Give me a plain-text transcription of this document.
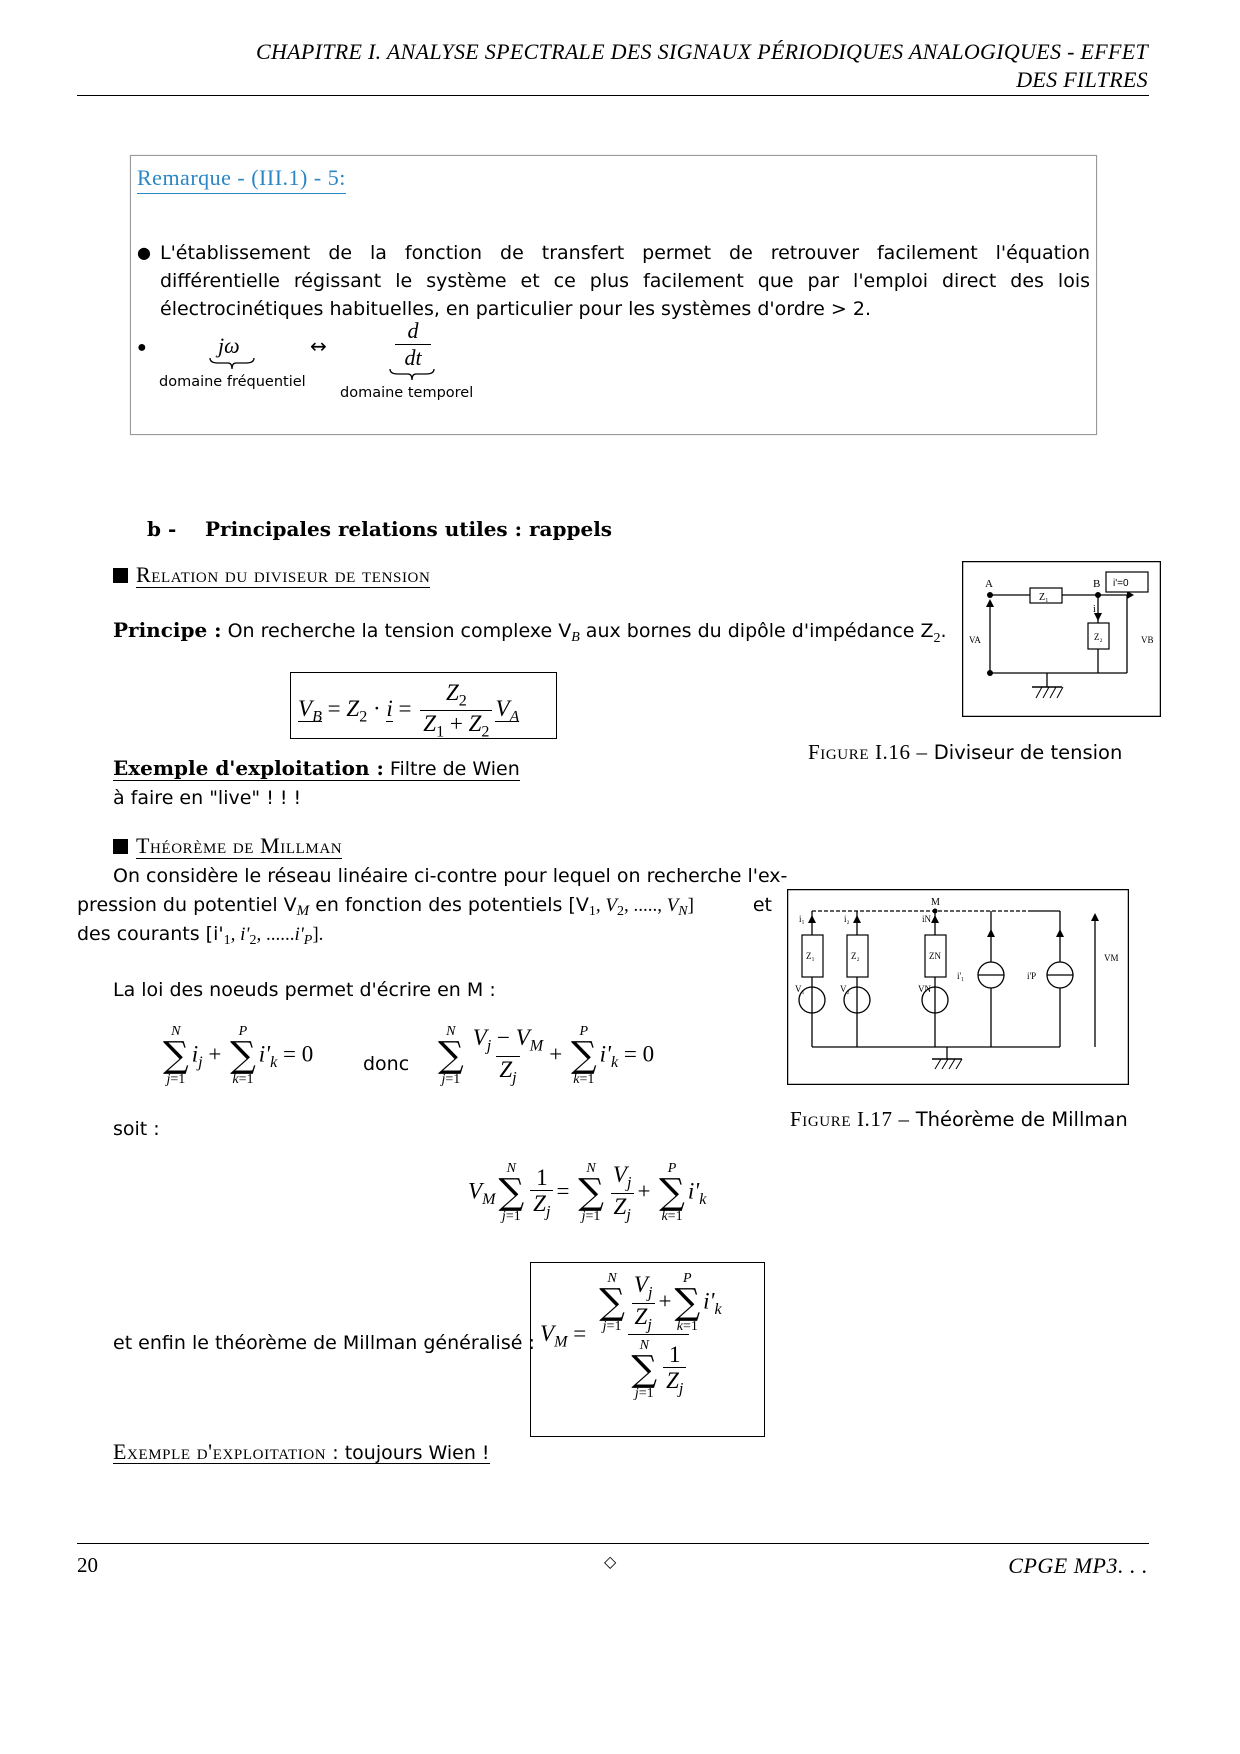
CHAPITRE I. ANALYSE SPECTRALE DES SIGNAUX PÉRIODIQUES ANALOGIQUES - EFFET
DES FILTRES
Remarque - (III.1) - 5:
● L'établissement de la fonction de transfert permet de retrouver facilement l'équation différentielle régissant le système et ce plus facilement que par l'emploi direct des lois électrocinétiques habituelles, en particulier pour les systèmes d'ordre > 2.
●	jω
domaine fréquentiel
↔	$\frac{d}{dt}$
domaine temporel
b - Principales relations utiles : rappels
Relation du diviseur de tension
Principe : On recherche la tension complexe $V_B$ aux bornes du dipôle d'impédance $Z_2$.
$V_B = Z_2 \cdot i = \frac{Z_2}{Z_1 + Z_2} V_A$
Exemple d'exploitation : Filtre de Wien
à faire en "live" ! ! !
A	B
Z₁
Z₂
i
i'=0
VA	VB
Figure I.16 – Diviseur de tension
Théorème de Millman
On considère le réseau linéaire ci-contre pour lequel on recherche l'ex-
pression du potentiel $V_M$ en fonction des potentiels [$V_1$, $V_2$, ....., $V_N$]	et
des courants [$i'_1$, $i'_2$, $......i'_P$].
La loi des noeuds permet d'écrire en M :
N
∑
j=1
$i_j$ +
P
∑
k=1
$i'_k = 0$	donc
N
∑
$j=1 \frac{V_j - V_M}{Z_j}$ +
P
∑
k=1
$i'_k = 0$
soit :
$V_M$
N
∑
$j=1 \frac{1}{Z_j}$ =
N
∑
$j=1 \frac{V_j}{Z_j}$ +
P
∑
k=1
$i'_k$
et enfin le théorème de Millman généralisé : $V_M$ =
N
∑
$j=1 \frac{V_j}{Z_j}$ +
P
∑
k=1
$i'_k$
N
∑
$j=1 \frac{1}{Z_j}$
Exemple d'exploitation : toujours Wien !
M
VM
i₁	i₂	iN
Z₁	Z₂	ZN
V₁	V₂	VN
i'₁	i'P
Figure I.17 – Théorème de Millman
20	◇	CPGE MP3. . .
